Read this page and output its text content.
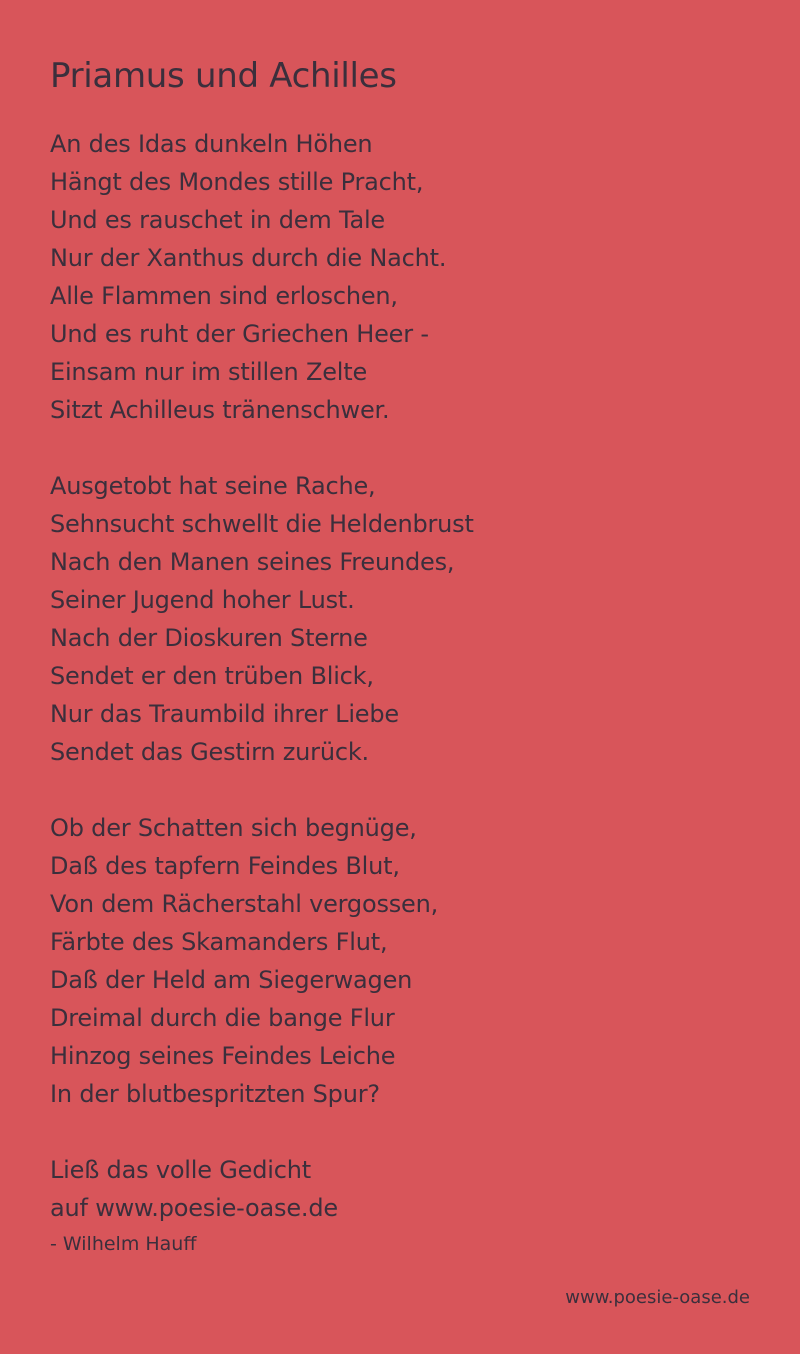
Priamus und Achilles
An des Idas dunkeln Höhen
Hängt des Mondes stille Pracht,
Und es rauschet in dem Tale
Nur der Xanthus durch die Nacht.
Alle Flammen sind erloschen,
Und es ruht der Griechen Heer -
Einsam nur im stillen Zelte
Sitzt Achilleus tränenschwer.
Ausgetobt hat seine Rache,
Sehnsucht schwellt die Heldenbrust
Nach den Manen seines Freundes,
Seiner Jugend hoher Lust.
Nach der Dioskuren Sterne
Sendet er den trüben Blick,
Nur das Traumbild ihrer Liebe
Sendet das Gestirn zurück.
Ob der Schatten sich begnüge,
Daß des tapfern Feindes Blut,
Von dem Rächerstahl vergossen,
Färbte des Skamanders Flut,
Daß der Held am Siegerwagen
Dreimal durch die bange Flur
Hinzog seines Feindes Leiche
In der blutbespritzten Spur?
Ließ das volle Gedicht
auf www.poesie-oase.de
- Wilhelm Hauff
www.poesie-oase.de
